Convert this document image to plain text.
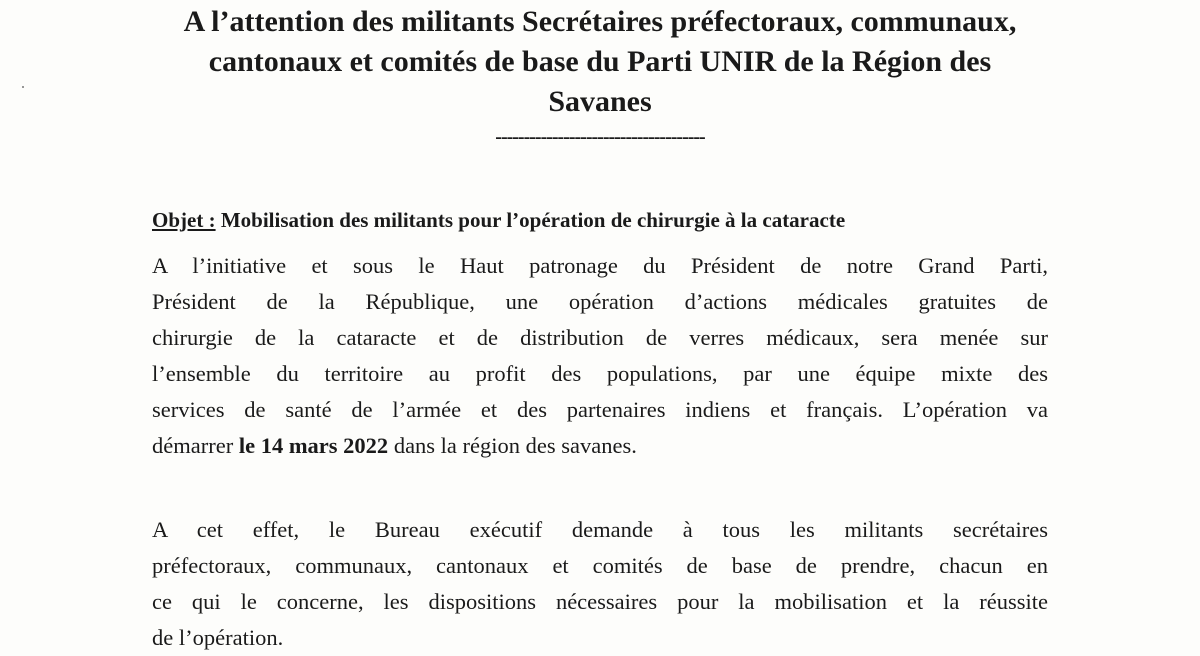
A l’attention des militants Secrétaires préfectoraux, communaux,
cantonaux et comités de base du Parti UNIR de la Région des
Savanes
-------------------------------------
Objet : Mobilisation des militants pour l’opération de chirurgie à la cataracte
A l’initiative et sous le Haut patronage du Président de notre Grand Parti,
Président de la République, une opération d’actions médicales gratuites de
chirurgie de la cataracte et de distribution de verres médicaux, sera menée sur
l’ensemble du territoire au profit des populations, par une équipe mixte des
services de santé de l’armée et des partenaires indiens et français. L’opération va
démarrer le 14 mars 2022 dans la région des savanes.
A cet effet, le Bureau exécutif demande à tous les militants secrétaires
préfectoraux, communaux, cantonaux et comités de base de prendre, chacun en
ce qui le concerne, les dispositions nécessaires pour la mobilisation et la réussite
de l’opération.
